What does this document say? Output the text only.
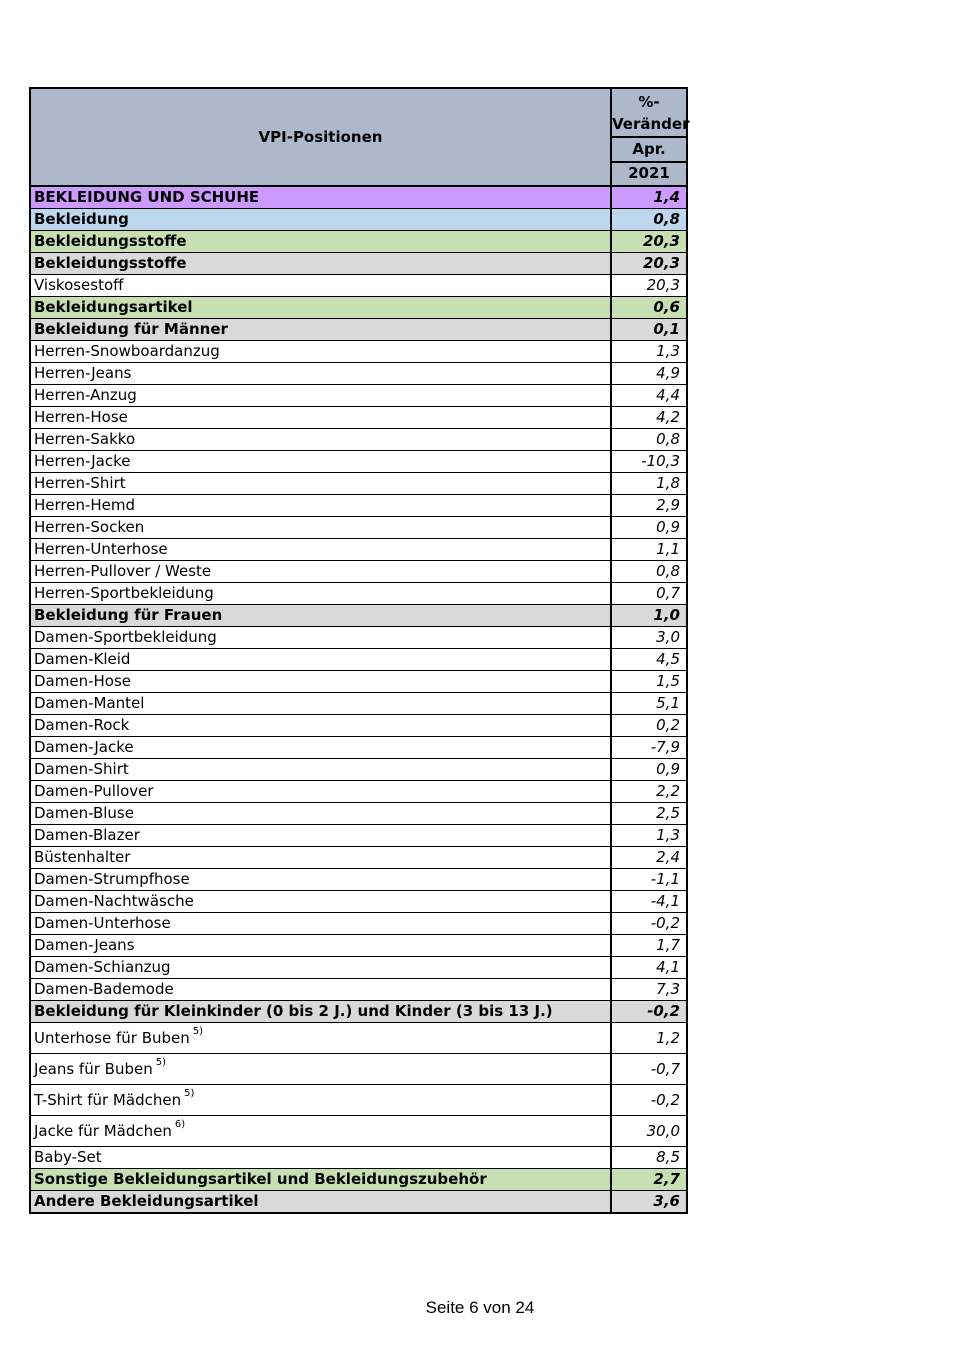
VPI-Positionen	%-
Veränder

	Apr.
	2021
BEKLEIDUNG UND SCHUHE	1,4
Bekleidung	0,8
Bekleidungsstoffe	20,3
Bekleidungsstoffe	20,3
Viskosestoff	20,3
Bekleidungsartikel	0,6
Bekleidung für Männer	0,1
Herren-Snowboardanzug	1,3
Herren-Jeans	4,9
Herren-Anzug	4,4
Herren-Hose	4,2
Herren-Sakko	0,8
Herren-Jacke	-10,3
Herren-Shirt	1,8
Herren-Hemd	2,9
Herren-Socken	0,9
Herren-Unterhose	1,1
Herren-Pullover / Weste	0,8
Herren-Sportbekleidung	0,7
Bekleidung für Frauen	1,0
Damen-Sportbekleidung	3,0
Damen-Kleid	4,5
Damen-Hose	1,5
Damen-Mantel	5,1
Damen-Rock	0,2
Damen-Jacke	-7,9
Damen-Shirt	0,9
Damen-Pullover	2,2
Damen-Bluse	2,5
Damen-Blazer	1,3
Büstenhalter	2,4
Damen-Strumpfhose	-1,1
Damen-Nachtwäsche	-4,1
Damen-Unterhose	-0,2
Damen-Jeans	1,7
Damen-Schianzug	4,1
Damen-Bademode	7,3
Bekleidung für Kleinkinder (0 bis 2 J.) und Kinder (3 bis 13 J.)	-0,2
Unterhose für Buben $^{5)}$	1,2
Jeans für Buben $^{5)}$	-0,7
T-Shirt für Mädchen $^{5)}$	-0,2
Jacke für Mädchen $^{6)}$	30,0
Baby-Set	8,5
Sonstige Bekleidungsartikel und Bekleidungszubehör	2,7
Andere Bekleidungsartikel	3,6
Seite 6 von 24
